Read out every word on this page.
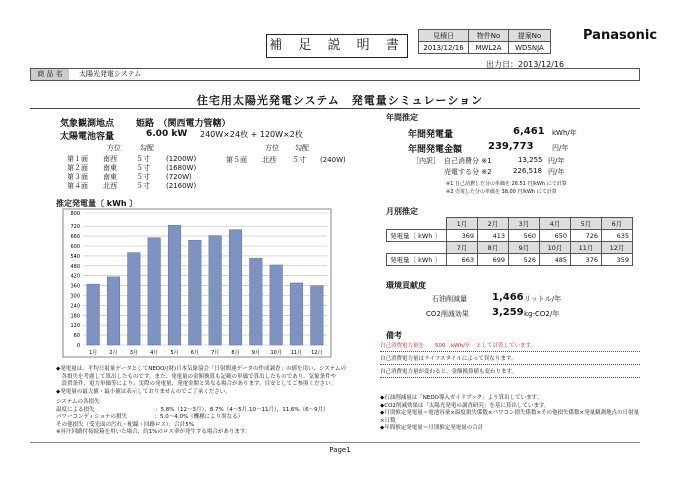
補 足 説 明 書
見積日	物件No	提案No
2013/12/16	MWL2A	WDSNJA
Panasonic
出力日：2013/12/16
商 品 名	太陽光発電システム
住宅用太陽光発電システム　発電量シミュレーション
気象観測地点 姫路　（関西電力管轄）
太陽電池容量	6.00 kW 240W×24枚 + 120W×2枚
方位	勾配	方位 勾配
第１面 南西	５寸 (1200W)
第２面 南東	５寸 (1680W)
第３面 南東	５寸 (720W)
第４面 北西	５寸 (2160W)
第５面 北西 ５寸 (240W)
推定発電量〔 kWh 〕
0
60
120
180
240
300
360
420
480
540
600
660
720
800
1月 2月 3月 4月 5月 6月 7月 8月 9月 10月 11月 12月
年間推定
年間発電量	6,461 kWh/年
年間発電金額	239,773	円/年
［内訳］ 自己消費分 ※1	13,255 円/年
売電する分 ※2	226,518 円/年
※1 自己消費した分の単価を 26.51 円/kWh にて計算
※2 売電した分の単価を 38.00 円/kWh にて計算
月別推定
	1月	2月	3月	4月	5月	6月
発電量〔 kWh 〕	369	413	560	650	726	635
	7月	8月	9月	10月	11月	12月
発電量〔 kWh 〕	663	699	526	485	376	359
環境貢献度
石油削減量	1,466 リットル/年
CO2削減効果 3,259 kg-CO2/年
備考
自己消費電力量を　　500　kWh/年　として計算しています。
自己消費電力量はライフスタイルによって異なります。
自己消費電力量が変わると、金額換算値も変わります。
◆発電量は、平均日射量データとしてNEDO/(財)日本気象協会「日射関連データの作成調査」の値を用い、システムの
　各損失を考慮して算出したものです。また、発電量の金額換算も記載の単価で算出したものであり、気象条件や
　設置条件、電力単価等により、実際の発電量、発電金額と異なる場合があります。目安としてご参照ください。
◆発電量の最大値・最小値は表示しておりませんのでご了承ください。
システムの各損失
温度による損失　　　　　　　　　　　：5.8%（12〜3月），8.7%（4〜5月,10〜11月），11.6%（6〜9月）
パワーコンディショナの損失　　　　　：5.0〜4.0%（機種により異なる）
その他損失（受光面の汚れ・配線・回路ロス）：合計5%
※昇圧回路付接続箱を用いた場合、約1%のロス率が発生する場合があります。
◆石油削減量は「NEDO導入ガイドブック」より算出しています。
◆CO2削減効果は「太陽光発電の調査研究」を基に算出しています。
◆月別推定発電量＝電池容量×温度損失係数×パワコン損失係数×その他損失係数×発量観測地点の日射量×日数
◆年間推定発電量＝月別推定発電量の合計
Page1
